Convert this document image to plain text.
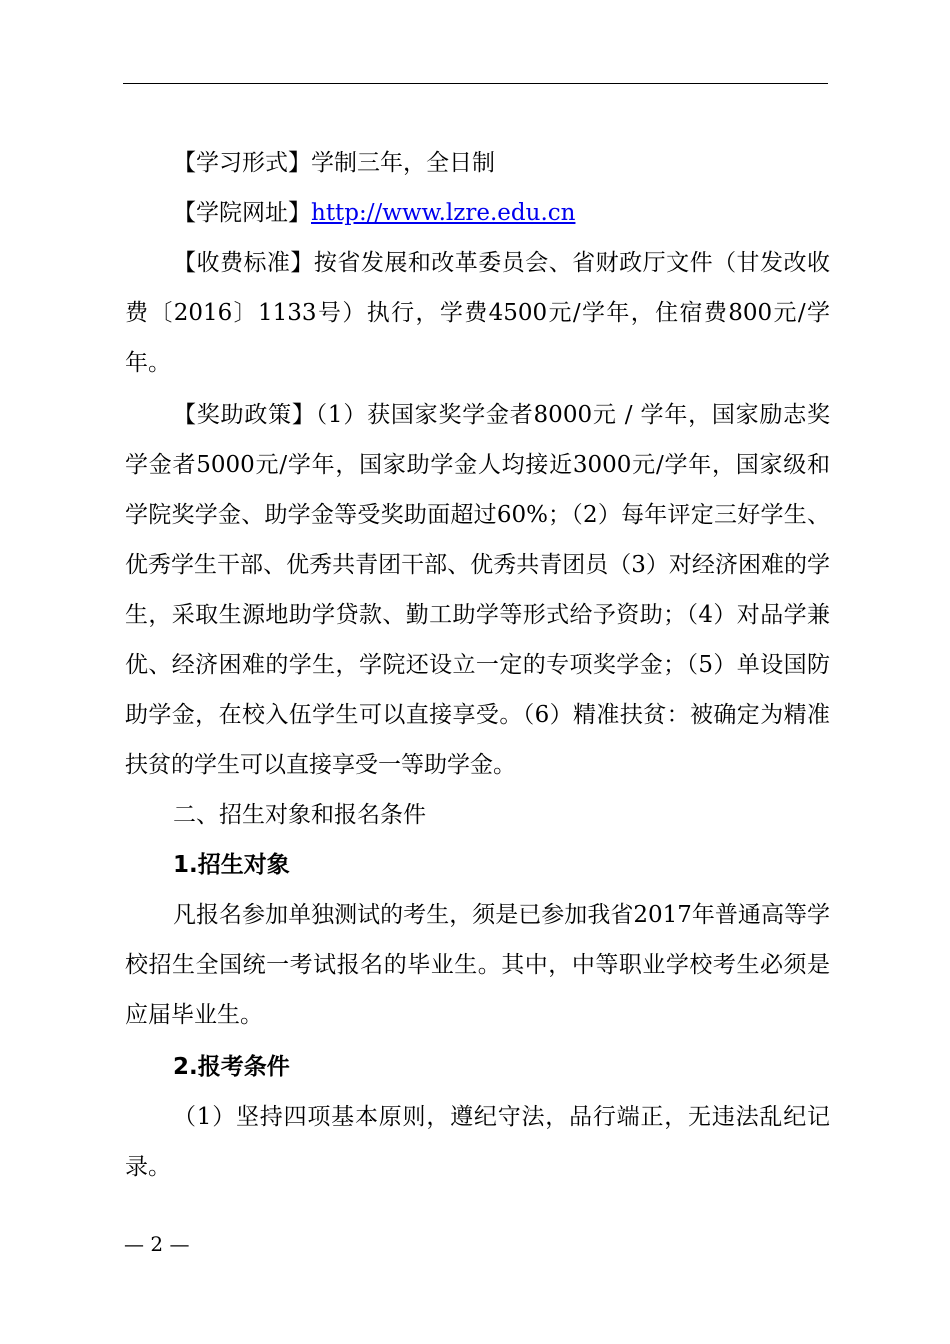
【学习形式】学制三年，全日制

【学院网址】http://www.lzre.edu.cn

【收费标准】按省发展和改革委员会、省财政厅文件（甘发改收费〔2016〕1133号）执行，学费4500元/学年，住宿费800元/学年。

【奖助政策】（1）获国家奖学金者8000元 / 学年，国家励志奖学金者5000元/学年，国家助学金人均接近3000元/学年，国家级和学院奖学金、助学金等受奖助面超过60%；（2）每年评定三好学生、优秀学生干部、优秀共青团干部、优秀共青团员（3）对经济困难的学生，采取生源地助学贷款、勤工助学等形式给予资助；（4）对品学兼优、经济困难的学生，学院还设立一定的专项奖学金；（5）单设国防助学金，在校入伍学生可以直接享受。（6）精准扶贫：被确定为精准扶贫的学生可以直接享受一等助学金。

二、招生对象和报名条件

1.招生对象

凡报名参加单独测试的考生，须是已参加我省2017年普通高等学校招生全国统一考试报名的毕业生。其中，中等职业学校考生必须是应届毕业生。

2.报考条件

（1）坚持四项基本原则，遵纪守法，品行端正，无违法乱纪记录。

— 2 —
